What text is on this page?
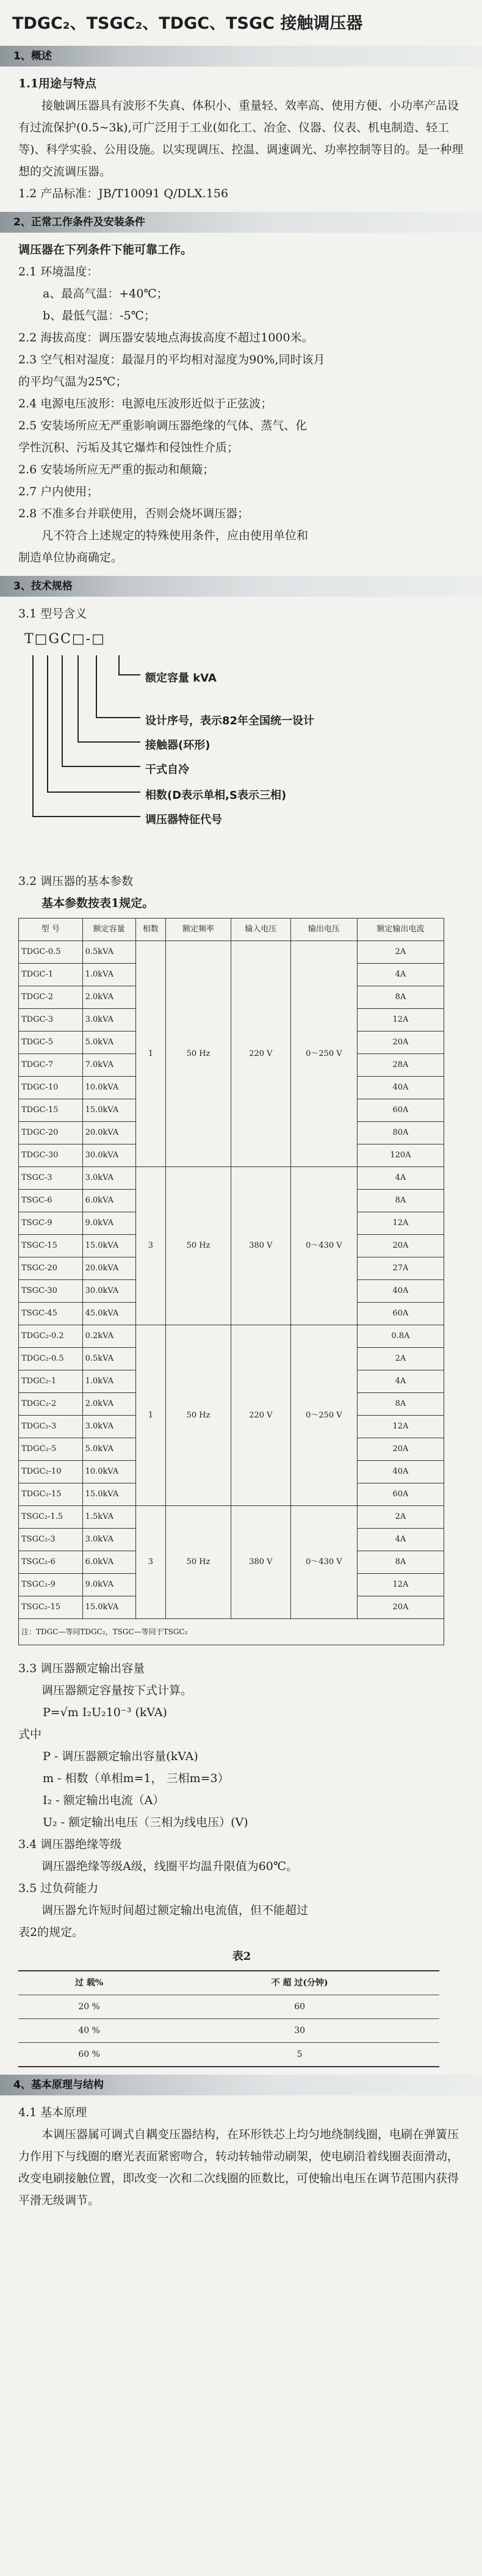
TDGC₂、TSGC₂、TDGC、TSGC 接触调压器
1、概述
1.1用途与特点
接触调压器具有波形不失真、体积小、重量轻、效率高、使用方便、小功率产品设有过流保护(0.5~3k),可广泛用于工业(如化工、冶金、仪器、仪表、机电制造、轻工等)、科学实验、公用设施。以实现调压、控温、调速调光、功率控制等目的。是一种理想的交流调压器。
1.2 产品标准：JB/T10091 Q/DLX.156
2、正常工作条件及安装条件
调压器在下列条件下能可靠工作。
2.1 环境温度：
a、最高气温：+40℃；
b、最低气温：-5℃；
2.2 海拔高度：调压器安装地点海拔高度不超过1000米。
2.3 空气相对湿度：最湿月的平均相对湿度为90%,同时该月
的平均气温为25℃；
2.4 电源电压波形：电源电压波形近似于正弦波；
2.5 安装场所应无严重影响调压器绝缘的气体、蒸气、化
学性沉积、污垢及其它爆炸和侵蚀性介质；
2.6 安装场所应无严重的振动和颠簸；
2.7 户内使用；
2.8 不准多台并联使用，否则会烧坏调压器；
凡不符合上述规定的特殊使用条件，应由使用单位和
制造单位协商确定。
3、技术规格
3.1 型号含义
T□GC□-□
额定容量 kVA
设计序号，表示82年全国统一设计
接触器(环形)
干式自冷
相数(D表示单相,S表示三相)
调压器特征代号
3.2 调压器的基本参数
基本参数按表1规定。
型 号	额定容量	相数	额定频率	输入电压	输出电压	额定输出电流
TDGC-0.5	0.5kVA	1	50 Hz	220 V	0～250 V	2A
TDGC-1	1.0kVA					4A
TDGC-2	2.0kVA					8A
TDGC-3	3.0kVA					12A
TDGC-5	5.0kVA					20A
TDGC-7	7.0kVA					28A
TDGC-10	10.0kVA					40A
TDGC-15	15.0kVA					60A
TDGC-20	20.0kVA					80A
TDGC-30	30.0kVA					120A
TSGC-3	3.0kVA	3	50 Hz	380 V	0～430 V	4A
TSGC-6	6.0kVA					8A
TSGC-9	9.0kVA					12A
TSGC-15	15.0kVA					20A
TSGC-20	20.0kVA					27A
TSGC-30	30.0kVA					40A
TSGC-45	45.0kVA					60A
TDGC₂-0.2	0.2kVA	1	50 Hz	220 V	0～250 V	0.8A
TDGC₂-0.5	0.5kVA					2A
TDGC₂-1	1.0kVA					4A
TDGC₂-2	2.0kVA					8A
TDGC₂-3	3.0kVA					12A
TDGC₂-5	5.0kVA					20A
TDGC₂-10	10.0kVA					40A
TDGC₂-15	15.0kVA					60A
TSGC₂-1.5	1.5kVA	3	50 Hz	380 V	0～430 V	2A
TSGC₂-3	3.0kVA					4A
TSGC₂-6	6.0kVA					8A
TSGC₂-9	9.0kVA					12A
TSGC₂-15	15.0kVA					20A
注：TDGC—等同TDGC₂，TSGC—等同于TSGC₂
3.3 调压器额定输出容量
调压器额定容量按下式计算。
P=√m I₂U₂10⁻³ (kVA)
式中
P - 调压器额定输出容量(kVA)
m - 相数（单相m=1， 三相m=3）
I₂ - 额定输出电流（A）
U₂ - 额定输出电压（三相为线电压）(V)
3.4 调压器绝缘等级
调压器绝缘等级A级，线圈平均温升限值为60℃。
3.5 过负荷能力
调压器允许短时间超过额定输出电流值，但不能超过
表2的规定。
表2
过 载%	不 超 过(分钟)
20 %	60
40 %	30
60 %	5
4、基本原理与结构
4.1 基本原理
本调压器属可调式自耦变压器结构，在环形铁芯上均匀地绕制线圈，电刷在弹簧压力作用下与线圈的磨光表面紧密吻合，转动转轴带动刷架，使电刷沿着线圈表面滑动，改变电刷接触位置，即改变一次和二次线圈的匝数比，可使输出电压在调节范围内获得平滑无级调节。
